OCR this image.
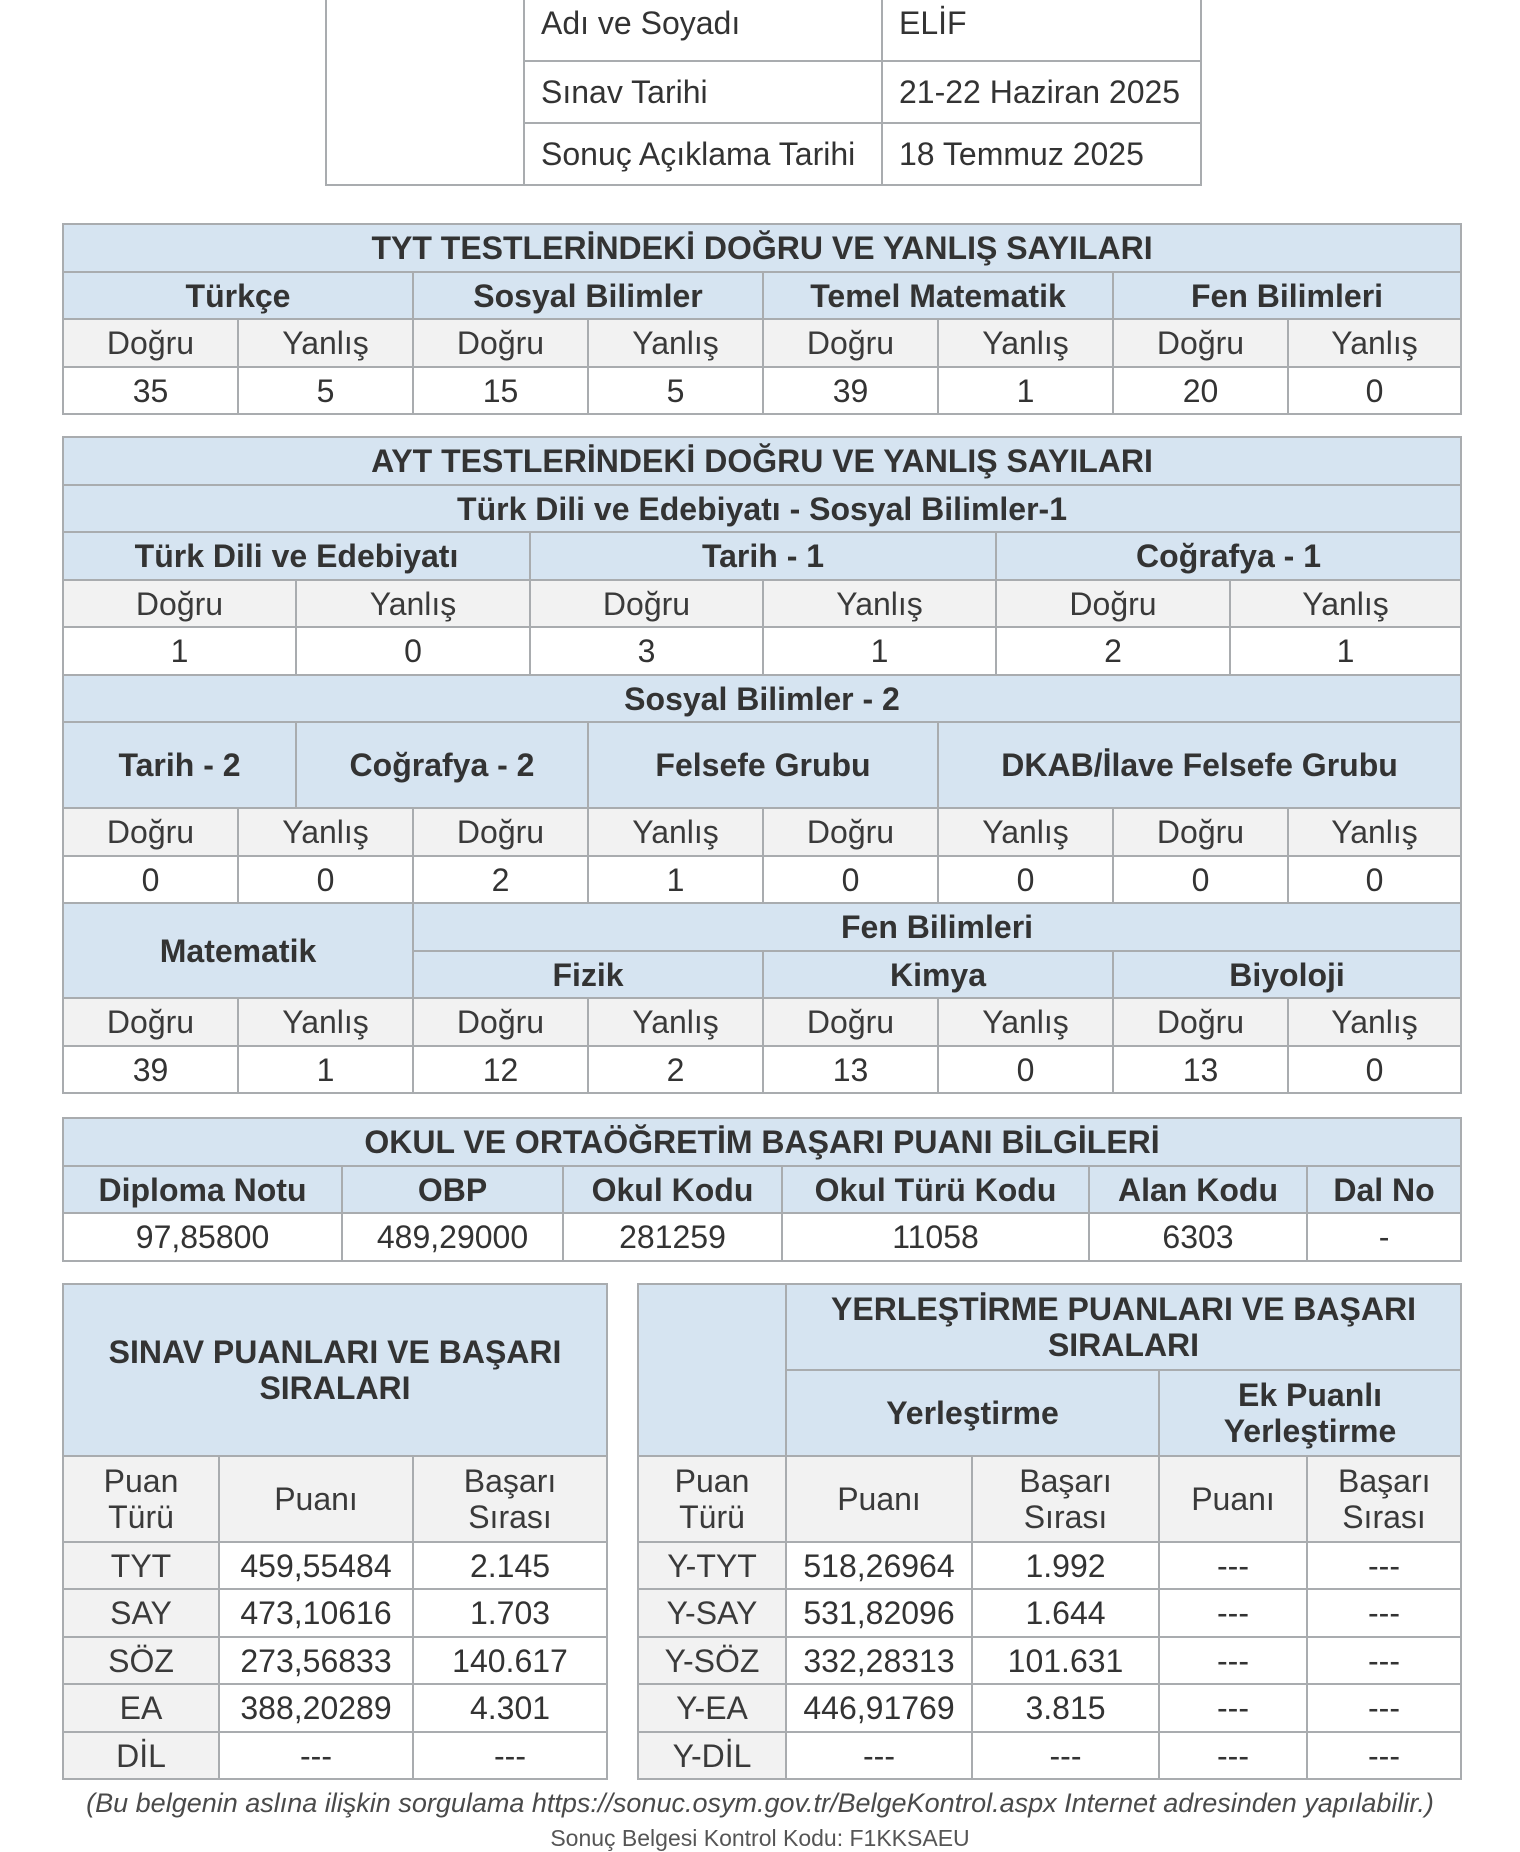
	Adı ve Soyadı	ELİF
	Sınav Tarihi	21-22 Haziran 2025
	Sonuç Açıklama Tarihi	18 Temmuz 2025
TYT TESTLERİNDEKİ DOĞRU VE YANLIŞ SAYILARI							
Türkçe		Sosyal Bilimler		Temel Matematik		Fen Bilimleri	
Doğru	Yanlış	Doğru	Yanlış	Doğru	Yanlış	Doğru	Yanlış
35	5	15	5	39	1	20	0
AYT TESTLERİNDEKİ DOĞRU VE YANLIŞ SAYILARI											
Türk Dili ve Edebiyatı - Sosyal Bilimler-1											
Türk Dili ve Edebiyatı				Tarih - 1				Coğrafya - 1			
Doğru		Yanlış		Doğru		Yanlış		Doğru		Yanlış	
1		0		3		1		2		1	
Sosyal Bilimler - 2											
Tarih - 2		Coğrafya - 2			Felsefe Grubu		DKAB/İlave Felsefe Grubu				
Doğru	Yanlış		Doğru		Yanlış	Doğru	Yanlış		Doğru		Yanlış
0	0		2		1	0	0		0		0
Matematik			Fen Bilimleri								
			Fizik			Kimya			Biyoloji		
Doğru	Yanlış		Doğru		Yanlış	Doğru	Yanlış		Doğru		Yanlış
39	1		12		2	13	0		13		0
OKUL VE ORTAÖĞRETİM BAŞARI PUANI BİLGİLERİ					
Diploma Notu	OBP	Okul Kodu	Okul Türü Kodu	Alan Kodu	Dal No
97,85800	489,29000	281259	11058	6303	-
SINAV PUANLARI VE BAŞARI SIRALARI		
Puan Türü	Puanı	Başarı Sırası
TYT	459,55484	2.145
SAY	473,10616	1.703
SÖZ	273,56833	140.617
EA	388,20289	4.301
DİL	---	---
	YERLEŞTİRME PUANLARI VE BAŞARI SIRALARI			
	Yerleştirme		Ek Puanlı Yerleştirme	
Puan Türü	Puanı	Başarı Sırası	Puanı	Başarı Sırası
Y-TYT	518,26964	1.992	---	---
Y-SAY	531,82096	1.644	---	---
Y-SÖZ	332,28313	101.631	---	---
Y-EA	446,91769	3.815	---	---
Y-DİL	---	---	---	---
(Bu belgenin aslına ilişkin sorgulama https://sonuc.osym.gov.tr/BelgeKontrol.aspx Internet adresinden yapılabilir.)
Sonuç Belgesi Kontrol Kodu: F1KKSAEU
